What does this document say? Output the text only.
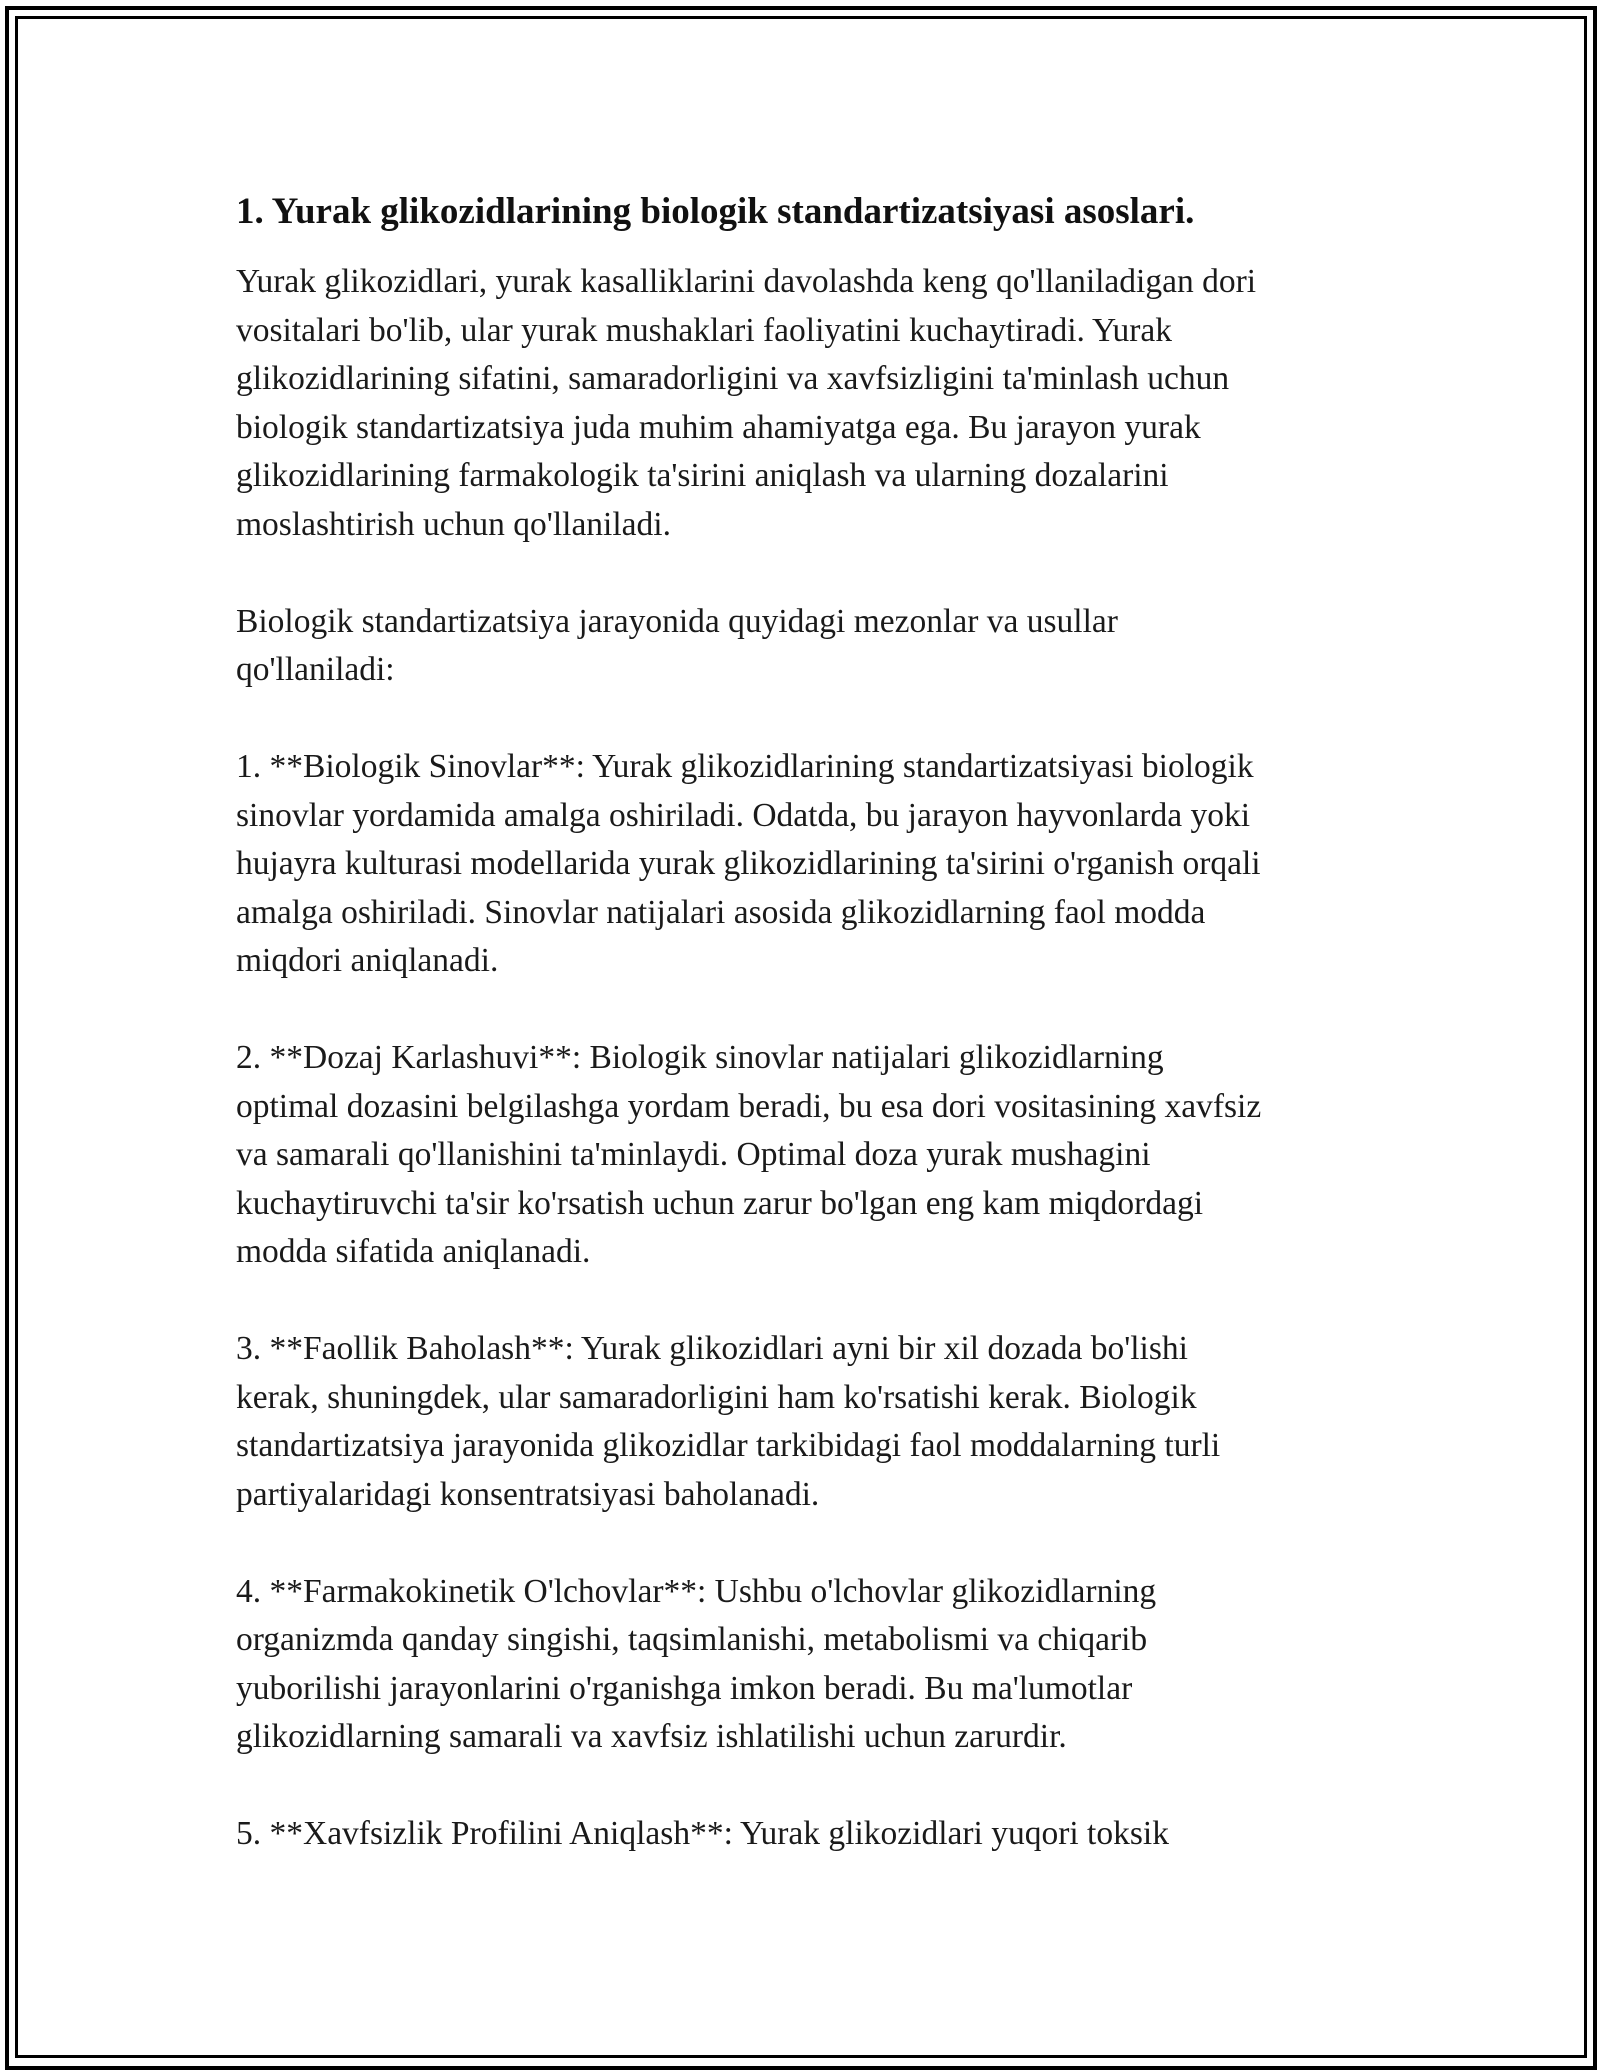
1. Yurak glikozidlarining biologik standartizatsiyasi asoslari.

Yurak glikozidlari, yurak kasalliklarini davolashda keng qo'llaniladigan dori
vositalari bo'lib, ular yurak mushaklari faoliyatini kuchaytiradi. Yurak
glikozidlarining sifatini, samaradorligini va xavfsizligini ta'minlash uchun
biologik standartizatsiya juda muhim ahamiyatga ega. Bu jarayon yurak
glikozidlarining farmakologik ta'sirini aniqlash va ularning dozalarini
moslashtirish uchun qo'llaniladi.

Biologik standartizatsiya jarayonida quyidagi mezonlar va usullar
qo'llaniladi:

1. **Biologik Sinovlar**: Yurak glikozidlarining standartizatsiyasi biologik
sinovlar yordamida amalga oshiriladi. Odatda, bu jarayon hayvonlarda yoki
hujayra kulturasi modellarida yurak glikozidlarining ta'sirini o'rganish orqali
amalga oshiriladi. Sinovlar natijalari asosida glikozidlarning faol modda
miqdori aniqlanadi.

2. **Dozaj Karlashuvi**: Biologik sinovlar natijalari glikozidlarning
optimal dozasini belgilashga yordam beradi, bu esa dori vositasining xavfsiz
va samarali qo'llanishini ta'minlaydi. Optimal doza yurak mushagini
kuchaytiruvchi ta'sir ko'rsatish uchun zarur bo'lgan eng kam miqdordagi
modda sifatida aniqlanadi.

3. **Faollik Baholash**: Yurak glikozidlari ayni bir xil dozada bo'lishi
kerak, shuningdek, ular samaradorligini ham ko'rsatishi kerak. Biologik
standartizatsiya jarayonida glikozidlar tarkibidagi faol moddalarning turli
partiyalaridagi konsentratsiyasi baholanadi.

4. **Farmakokinetik O'lchovlar**: Ushbu o'lchovlar glikozidlarning
organizmda qanday singishi, taqsimlanishi, metabolismi va chiqarib
yuborilishi jarayonlarini o'rganishga imkon beradi. Bu ma'lumotlar
glikozidlarning samarali va xavfsiz ishlatilishi uchun zarurdir.

5. **Xavfsizlik Profilini Aniqlash**: Yurak glikozidlari yuqori toksik
